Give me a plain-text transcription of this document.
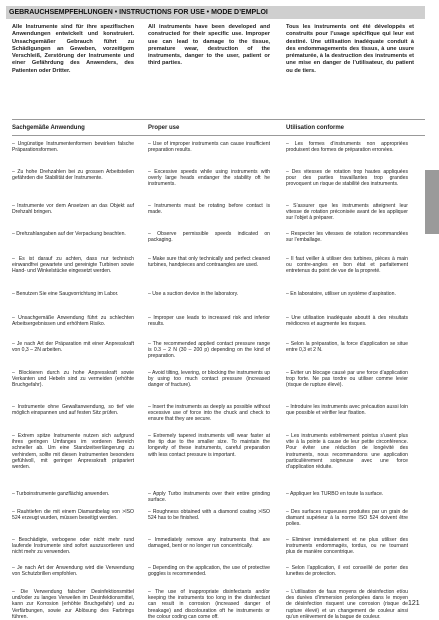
GEBRAUCHSEMPFEHLUNGEN • INSTRUCTIONS FOR USE • MODE D’EMPLOI
Alle Instrumente sind für ihre spezifischen Anwendungen entwickelt und konstruiert. Unsachgemäßer Gebrauch führt zu Schädigungen an Geweben, vorzeitigem Verschleiß, Zerstörung der Instrumente und einer Gefährdung des Anwenders, des Patienten oder Dritter.
All instruments have been developed and constructed for their specific use. Improper use can lead to damage to the tissue, premature wear, destruction of the instruments, danger to the user, patient or third parties.
Tous les instruments ont été développés et construits pour l’usage spécifique qui leur est destiné. Une utilisation inadéquate conduit à des endommagements des tissus, à une usure prématurée, à la destruction des instruments et une mise en danger de l’utilisateur, du patient ou de tiers.
Sachgemäße Anwendung	Proper use	Utilisation conforme
– Ungünstige Instrumentenformen bewirken falsche Präparationsformen.
– Zu hohe Drehzahlen bei zu grossen Arbeitsteilen gefährden die Stabilität der Instrumente.
– Instrumente vor dem Ansetzen an das Objekt auf Drehzahl bringen.
– Drehzahlangaben auf der Verpackung beachten.
– Es ist darauf zu achten, dass nur technisch einwandfrei gewartete und gereinigte Turbinen sowie Hand- und Winkelstücke eingesetzt werden.
– Benutzen Sie eine Saugvorrichtung im Labor.
– Unsachgemäße Anwendung führt zu schlechten Arbeitsergebnissen und erhöhtem Risiko.
– Je nach Art der Präparation mit einer Anpresskraft von 0,3 – 2N arbeiten.
– Blockieren durch zu hohe Anpresskraft sowie Verkanten und Hebeln sind zu vermeiden (erhöhte Bruchgefahr).
– Instrumente ohne Gewaltanwendung, so tief wie möglich einspannen und auf festen Sitz prüfen.
– Extrem spitze Instrumente nutzen sich aufgrund ihres geringen Umfanges im vorderen Bereich schneller ab. Um eine Standzeitverlängerung zu verhindern, sollte mit diesen Instrumenten besonders gefühlvoll, mit geringer Anpresskraft präpariert werden.
– Turboinstrumente ganzflächig anwenden.
– Rauhtiefen die mit einem Diamantbelag von >ISO 524 erzeugt wurden, müssen beseitigt werden.
– Beschädigte, verbogene oder nicht mehr rund laufende Instrumente sind sofort auszusortieren und nicht mehr zu verwenden.
– Je nach Art der Anwendung wird die Verwendung von Schutzbrillen empfohlen.
– Die Verwendung falscher Desinfektionsmittel und/oder zu langes Verweilen im Desinfektionsmittel, kann zur Korrosion (erhöhte Bruchgefahr) und zu Verfärbungen, sowie zur Ablösung des Farbrings führen.
– Use of improper instruments can cause insufficient preparation results.
– Excessive speeds while using instruments with overly large heads endanger the stability oft he instruments.
– Instruments must be rotating before contact is made.
– Observe permissible speeds indicated on packaging.
– Make sure that only technically and perfect cleaned turbines, handpieces and contraangles are used.
– Use a suction device in the laboratory.
– Improper use leads to increased risk and inferior results.
– The recommended applied contact pressure range is 0.3 – 2 N (30 – 200 p) depending on the kind of preparation.
– Avoid tilting, levering, or blocking the instruments up by using too much contact pressure (increased danger of fracture).
– Insert the instruments as deeply as possible without excessive use of force into the chuck and check to ensure that they are secure.
– Extremely tapered instruments will wear faster at the tip due to the smaller size. To maintain the longevity of these instruments, careful preparation with less contact pressure is important.
– Apply Turbo instruments over their entire grinding surface.
– Roughness obtained with a diamond coating >ISO 524 has to be finished.
– Immediately remove any instruments that are damaged, bent or no longer run concentrically.
– Depending on the application, the use of protective goggles is recommended.
– The use of inappropriate disinfectants and/or keeping the instruments too long in the disinfectant can result in corrosion (increased danger of breakage) and discolouration oft he instruments or the colour coding can come off.
– Les formes d’instruments non appropriées produisent des formes de préparation erronées.
– Des vitesses de rotation trop hautes appliquées pour des parties travaillantes trop grandes provoquent un risque de stabilité des instruments.
– S’assurer que les instruments atteignent leur vitesse de rotation préconisée avant de les appliquer sur l’objet à préparer.
– Respecter les vitesses de rotation recommandées sur l’emballage.
– Il faut veiller à utiliser des turbines, pièces à main ou contre-angles en bon état et parfaitement entretenus du point de vue de la propreté.
– En laboratoire, utiliser un système d’aspiration.
– Une utilisation inadéquate aboutit à des résultats médiocres et augmente les risques.
– Selon la préparation, la force d’application se situe entre 0,3 et 2 N.
– Eviter un blocage causé par une force d’application trop forte. Ne pas tordre ou utiliser comme levier (risque de rupture élevé).
– Introduire les instruments avec précaution aussi loin que possible et vérifier leur fixation.
– Les instruments extrêmement pointus s’usent plus vite à la pointe à cause de leur petite circonférence. Pour éviter une réduction de longévité des instruments, nous recommandons une application particulièrement soigneuse avec une force d’application réduite.
– Appliquer les TURBO en toute la surface.
– Des surfaces rugueuses produites par un grain de diamant supérieur à la norme ISO 524 doivent être polies.
– Eliminer immédiatement et ne plus utiliser des instruments endommagés, tordus, ou ne tournant plus de manière concentrique.
– Selon l’application, il est conseillé de porter des lunettes de protection.
– L’utilisation de faux moyens de désinfection et/ou des durées d’immersion prolongées dans le moyen de désinfection risquent une corrosion (risque de rupture élevé) et un changement de couleur ainsi qu’un enlèvement de la bague de couleur.
121
